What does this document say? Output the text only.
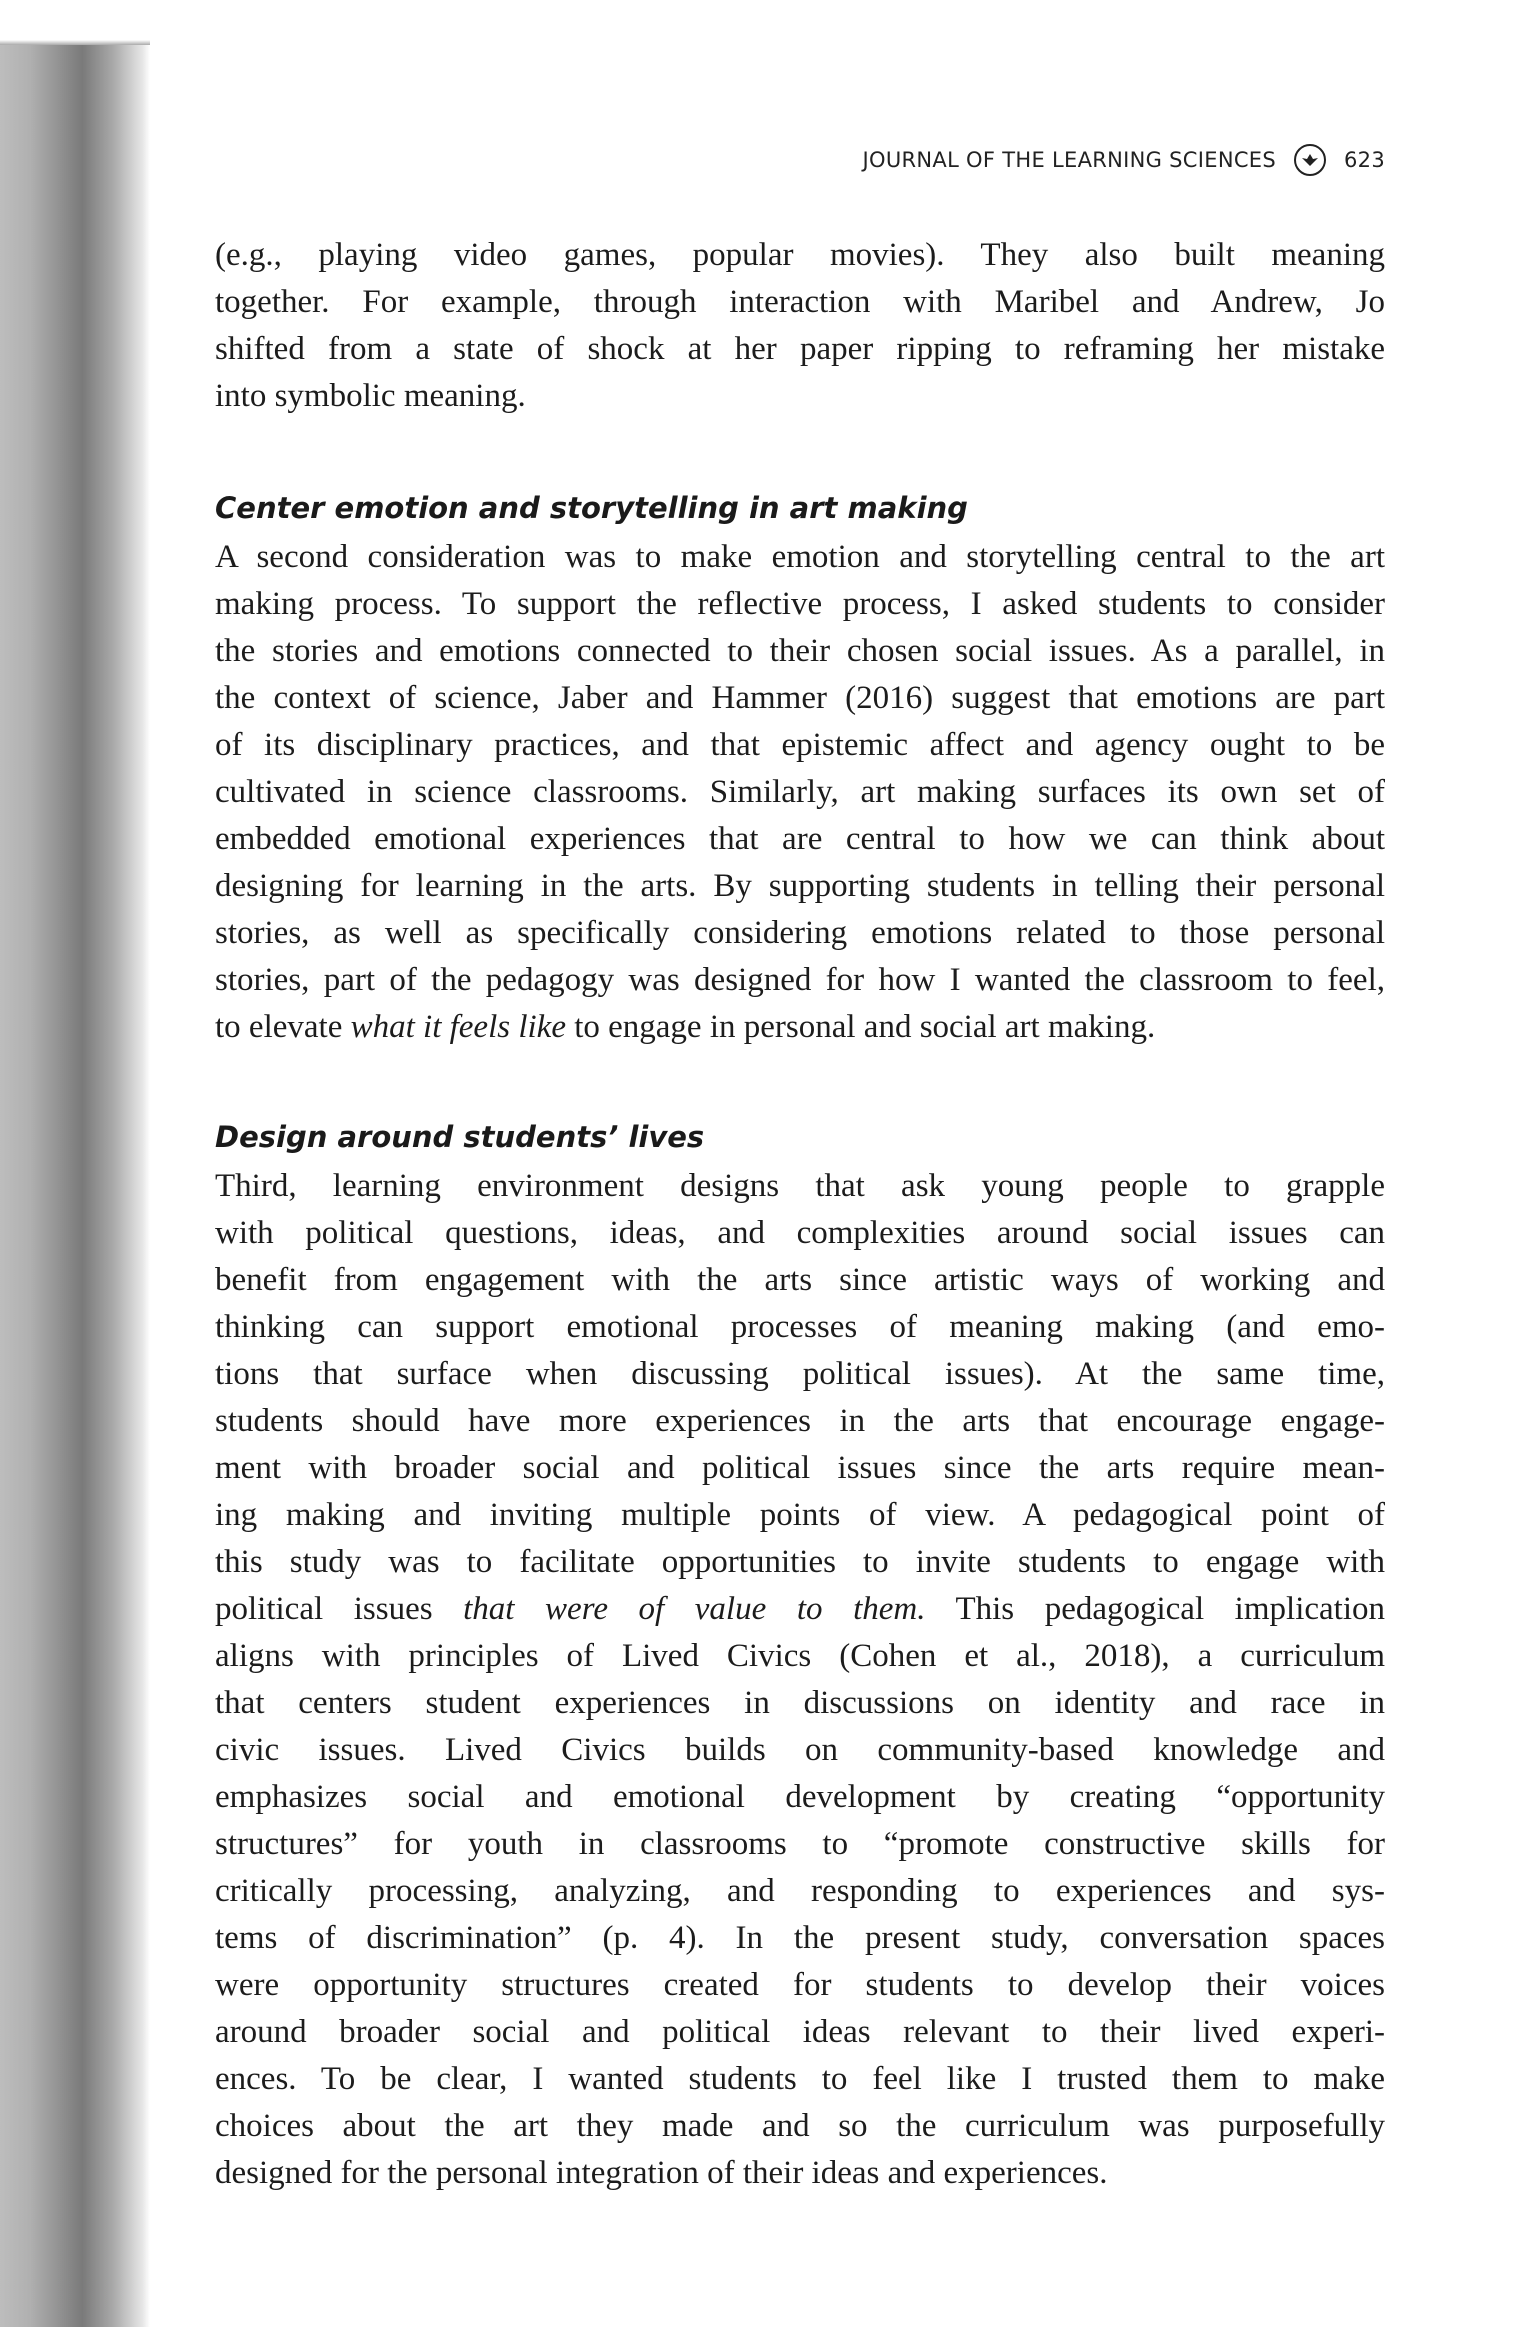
JOURNAL OF THE LEARNING SCIENCES	623
(e.g., playing video games, popular movies). They also built meaning
together. For example, through interaction with Maribel and Andrew, Jo
shifted from a state of shock at her paper ripping to reframing her mistake
into symbolic meaning.
Center emotion and storytelling in art making
A second consideration was to make emotion and storytelling central to the art
making process. To support the reflective process, I asked students to consider
the stories and emotions connected to their chosen social issues. As a parallel, in
the context of science, Jaber and Hammer (2016) suggest that emotions are part
of its disciplinary practices, and that epistemic affect and agency ought to be
cultivated in science classrooms. Similarly, art making surfaces its own set of
embedded emotional experiences that are central to how we can think about
designing for learning in the arts. By supporting students in telling their personal
stories, as well as specifically considering emotions related to those personal
stories, part of the pedagogy was designed for how I wanted the classroom to feel,
to elevate what it feels like to engage in personal and social art making.
Design around students’ lives
Third, learning environment designs that ask young people to grapple
with political questions, ideas, and complexities around social issues can
benefit from engagement with the arts since artistic ways of working and
thinking can support emotional processes of meaning making (and emo-
tions that surface when discussing political issues). At the same time,
students should have more experiences in the arts that encourage engage-
ment with broader social and political issues since the arts require mean-
ing making and inviting multiple points of view. A pedagogical point of
this study was to facilitate opportunities to invite students to engage with
political issues that were of value to them. This pedagogical implication
aligns with principles of Lived Civics (Cohen et al., 2018), a curriculum
that centers student experiences in discussions on identity and race in
civic issues. Lived Civics builds on community-based knowledge and
emphasizes social and emotional development by creating “opportunity
structures” for youth in classrooms to “promote constructive skills for
critically processing, analyzing, and responding to experiences and sys-
tems of discrimination” (p. 4). In the present study, conversation spaces
were opportunity structures created for students to develop their voices
around broader social and political ideas relevant to their lived experi-
ences. To be clear, I wanted students to feel like I trusted them to make
choices about the art they made and so the curriculum was purposefully
designed for the personal integration of their ideas and experiences.
